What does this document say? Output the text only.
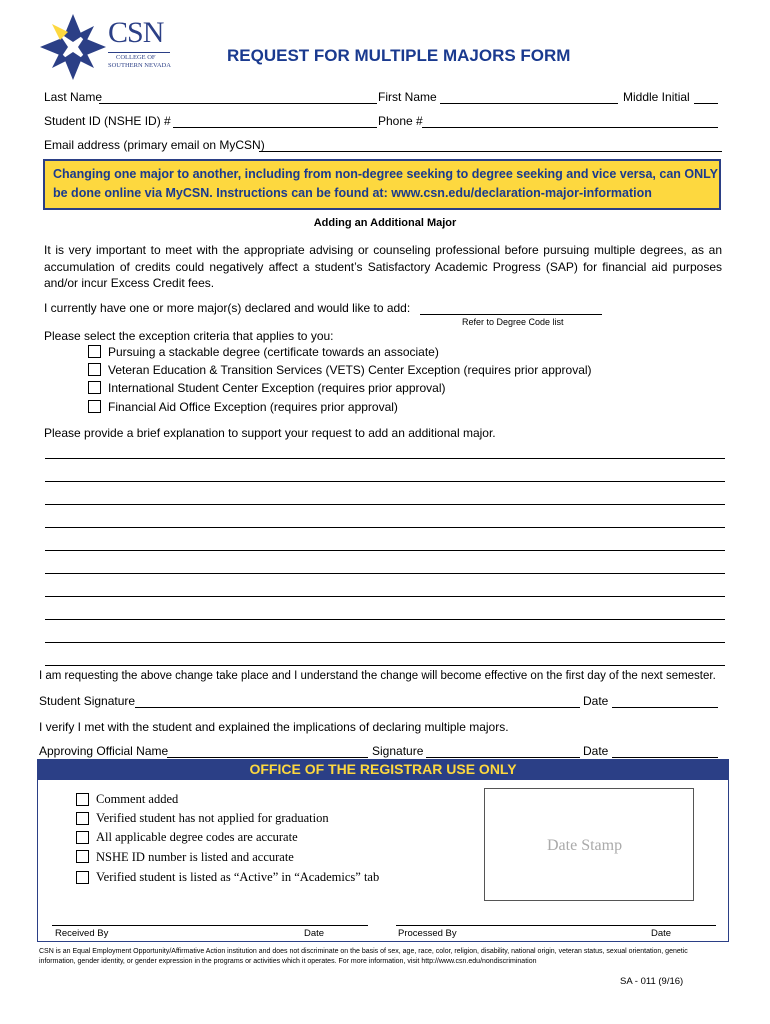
CSN
COLLEGE OF
SOUTHERN NEVADA
REQUEST FOR MULTIPLE MAJORS FORM
Last Name	First Name	Middle Initial
Student ID (NSHE ID) #	Phone #
Email address (primary email on MyCSN)
Changing one major to another, including from non-degree seeking to degree seeking and vice versa, can ONLY
be done online via MyCSN. Instructions can be found at: www.csn.edu/declaration-major-information
Adding an Additional Major
It is very important to meet with the appropriate advising or counseling professional before pursuing multiple degrees, as an accumulation of credits could negatively affect a student’s Satisfactory Academic Progress (SAP) for financial aid purposes and/or incur Excess Credit fees.
I currently have one or more major(s) declared and would like to add:
Refer to Degree Code list
Please select the exception criteria that applies to you:
Pursuing a stackable degree (certificate towards an associate)
Veteran Education & Transition Services (VETS) Center Exception (requires prior approval)
International Student Center Exception (requires prior approval)
Financial Aid Office Exception (requires prior approval)
Please provide a brief explanation to support your request to add an additional major.
I am requesting the above change take place and I understand the change will become effective on the first day of the next semester.
Student Signature	Date
I verify I met with the student and explained the implications of declaring multiple majors.
Approving Official Name	Signature	Date
OFFICE OF THE REGISTRAR USE ONLY
Comment added
Verified student has not applied for graduation
All applicable degree codes are accurate
NSHE ID number is listed and accurate
Verified student is listed as “Active” in “Academics” tab
Date Stamp
Received By	Date	Processed By	Date
CSN is an Equal Employment Opportunity/Affirmative Action institution and does not discriminate on the basis of sex, age, race, color, religion, disability, national origin, veteran status, sexual orientation, genetic
information, gender identity, or gender expression in the programs or activities which it operates. For more information, visit http://www.csn.edu/nondiscrimination
SA - 011 (9/16)
